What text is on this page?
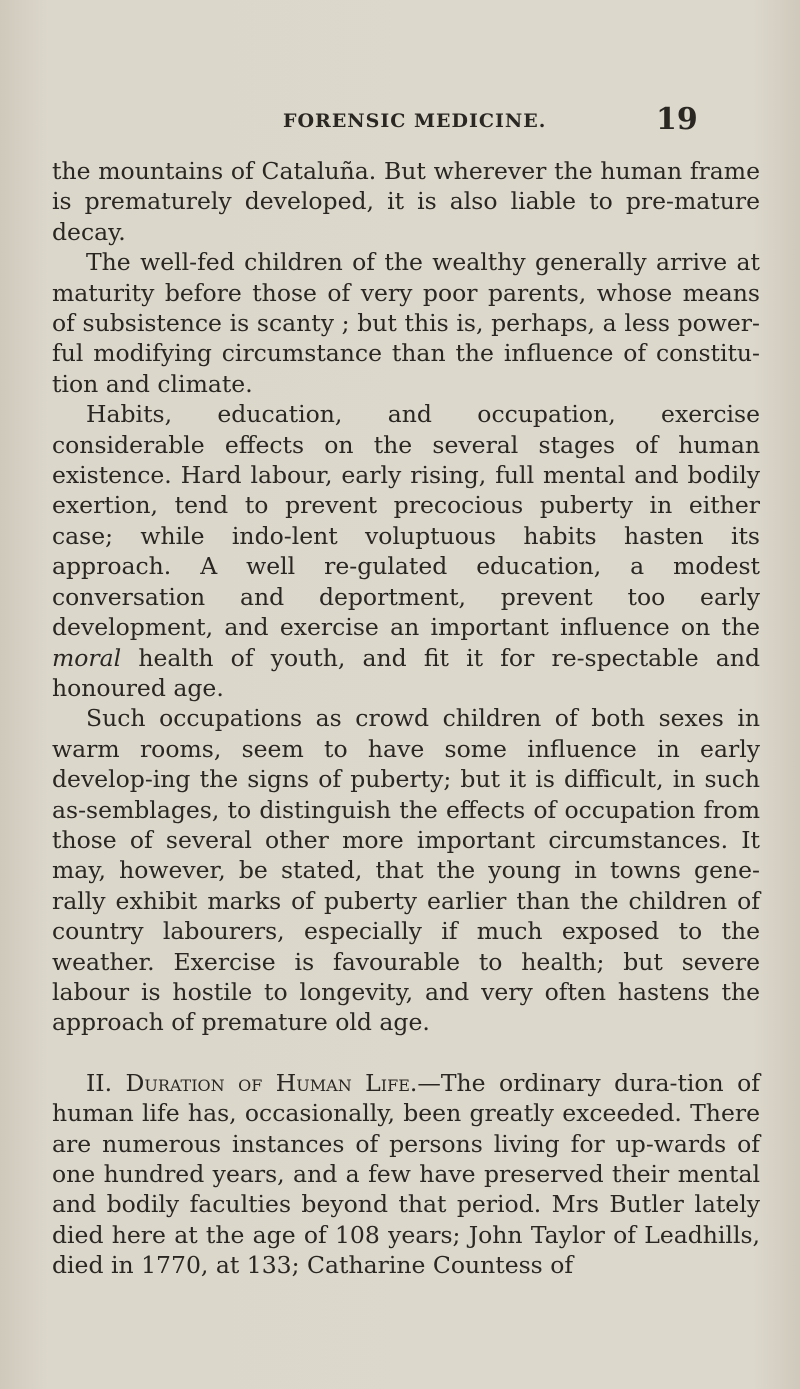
FORENSIC MEDICINE.	19

the mountains of Cataluña. But wherever the human frame is prematurely developed, it is also liable to pre-mature decay.

The well-fed children of the wealthy generally arrive at maturity before those of very poor parents, whose means of subsistence is scanty ; but this is, perhaps, a less power-ful modifying circumstance than the influence of constitu-tion and climate.

Habits, education, and occupation, exercise considerable effects on the several stages of human existence. Hard labour, early rising, full mental and bodily exertion, tend to prevent precocious puberty in either case; while indo-lent voluptuous habits hasten its approach. A well re-gulated education, a modest conversation and deportment, prevent too early development, and exercise an important influence on the moral health of youth, and fit it for re-spectable and honoured age.

Such occupations as crowd children of both sexes in warm rooms, seem to have some influence in early develop-ing the signs of puberty; but it is difficult, in such as-semblages, to distinguish the effects of occupation from those of several other more important circumstances. It may, however, be stated, that the young in towns gene-rally exhibit marks of puberty earlier than the children of country labourers, especially if much exposed to the weather. Exercise is favourable to health; but severe labour is hostile to longevity, and very often hastens the approach of premature old age.

II. Duration of Human Life.—The ordinary dura-tion of human life has, occasionally, been greatly exceeded. There are numerous instances of persons living for up-wards of one hundred years, and a few have preserved their mental and bodily faculties beyond that period. Mrs Butler lately died here at the age of 108 years; John Taylor of Leadhills, died in 1770, at 133; Catharine Countess of
